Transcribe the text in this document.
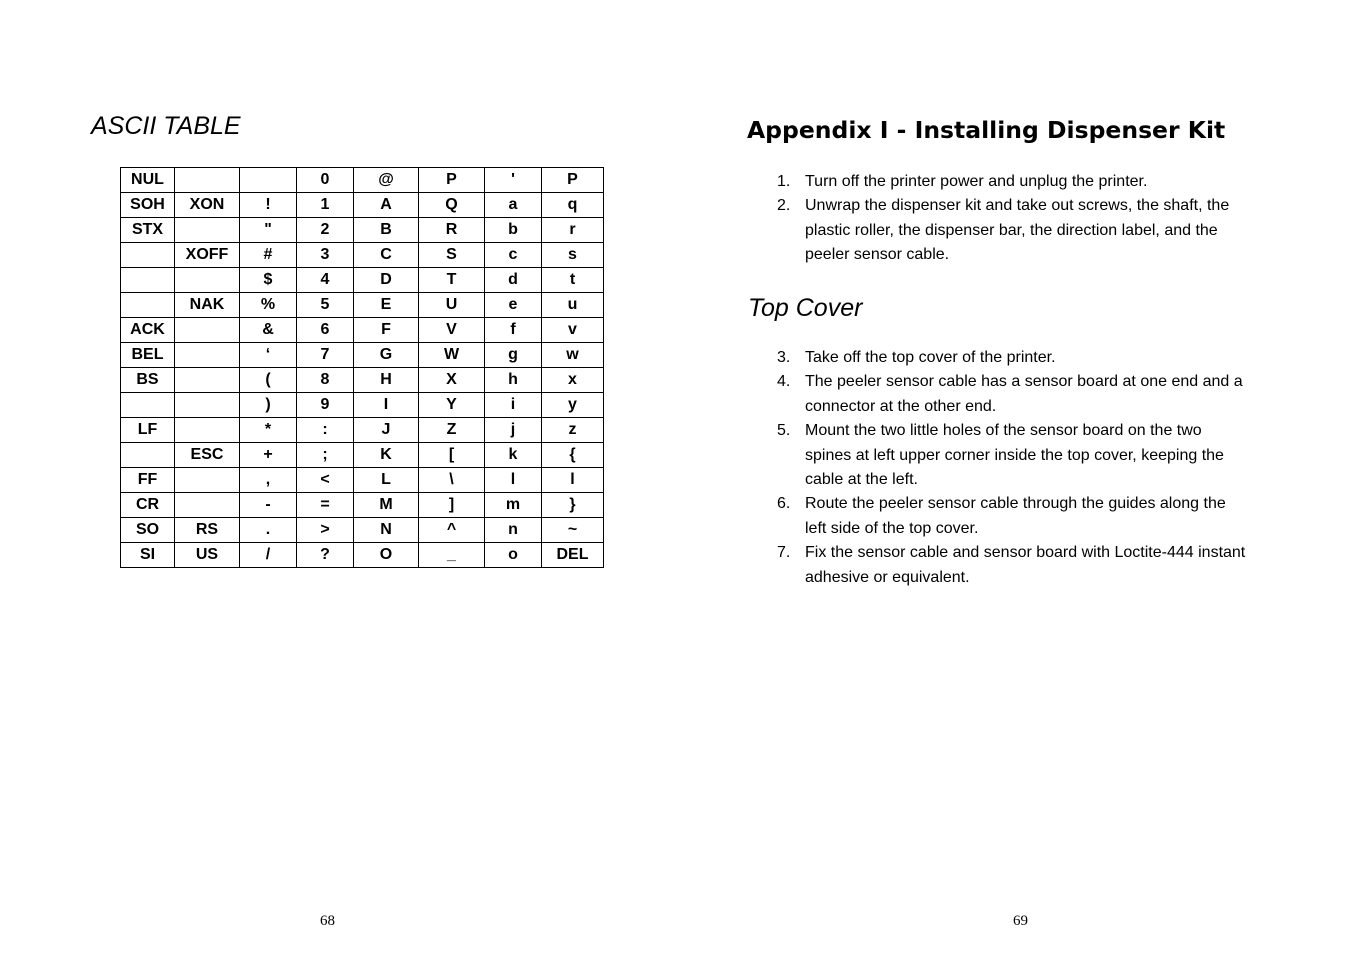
ASCII TABLE
NUL			0	@	P	'	P
SOH	XON	!	1	A	Q	a	q
STX		"	2	B	R	b	r
	XOFF	#	3	C	S	c	s
		$	4	D	T	d	t
	NAK	%	5	E	U	e	u
ACK		&	6	F	V	f	v
BEL		‘	7	G	W	g	w
BS		(	8	H	X	h	x
		)	9	I	Y	i	y
LF		*	:	J	Z	j	z
	ESC	+	;	K	[	k	{
FF		,	<	L	\	l	l
CR		-	=	M	]	m	}
SO	RS	.	>	N	^	n	~
SI	US	/	?	O	_	o	DEL
68
Appendix I - Installing Dispenser Kit
1. Turn off the printer power and unplug the printer.
2. Unwrap the dispenser kit and take out screws, the shaft, the plastic roller, the dispenser bar, the direction label, and the peeler sensor cable.
Top Cover
3. Take off the top cover of the printer.
4. The peeler sensor cable has a sensor board at one end and a connector at the other end.
5. Mount the two little holes of the sensor board on the two spines at left upper corner inside the top cover, keeping the cable at the left.
6. Route the peeler sensor cable through the guides along the left side of the top cover.
7. Fix the sensor cable and sensor board with Loctite-444 instant adhesive or equivalent.
69
